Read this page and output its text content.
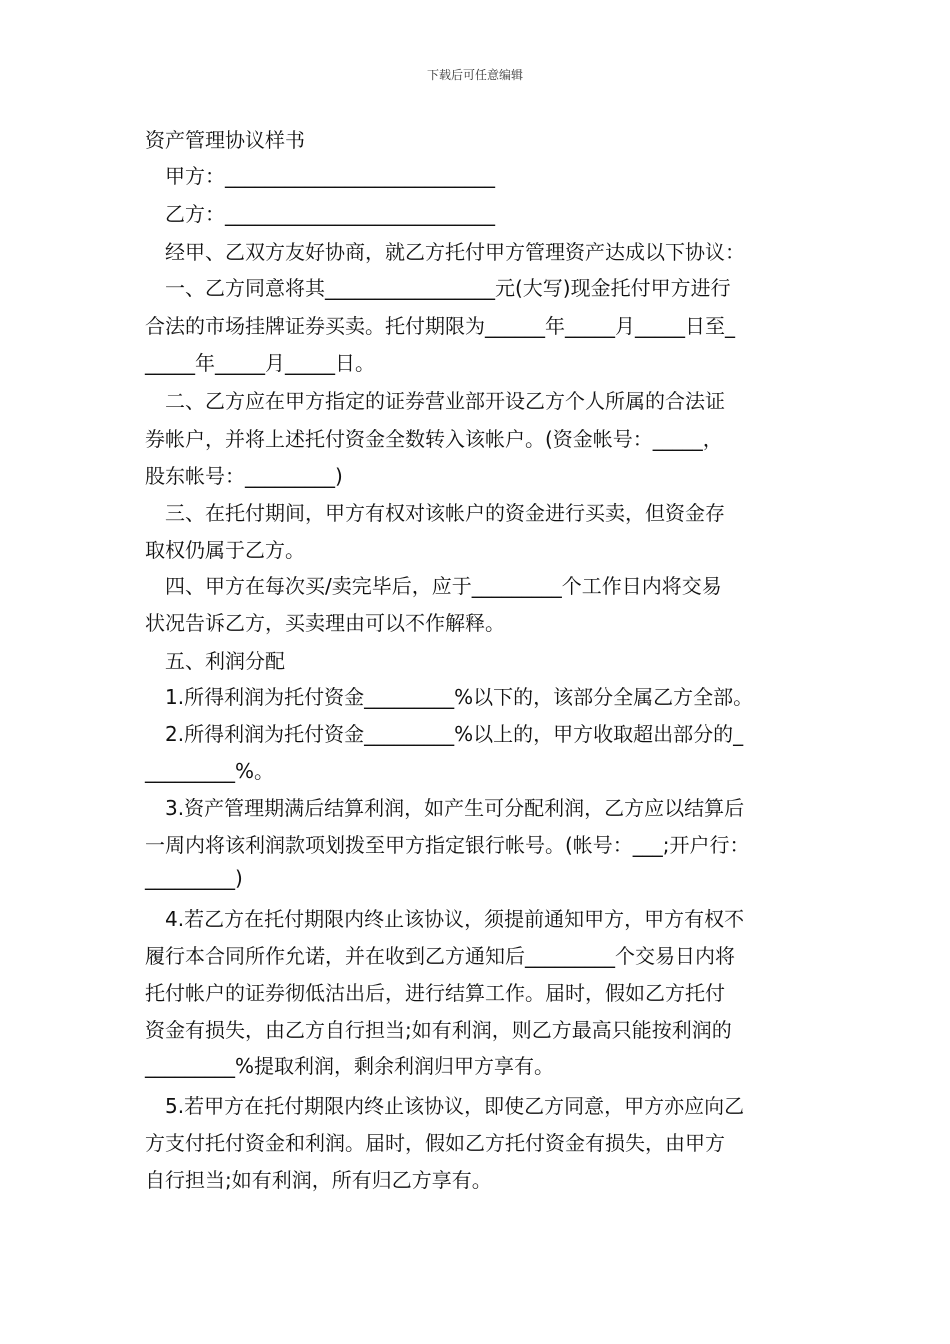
下载后可任意编辑
资产管理协议样书
甲方：___________________________
乙方：___________________________
经甲、乙双方友好协商，就乙方托付甲方管理资产达成以下协议：
一、乙方同意将其_________________元(大写)现金托付甲方进行
合法的市场挂牌证券买卖。托付期限为______年_____月_____日至_
_____年_____月_____日。
二、乙方应在甲方指定的证券营业部开设乙方个人所属的合法证
券帐户，并将上述托付资金全数转入该帐户。(资金帐号：_____，
股东帐号：_________)
三、在托付期间，甲方有权对该帐户的资金进行买卖，但资金存
取权仍属于乙方。
四、甲方在每次买/卖完毕后，应于_________个工作日内将交易
状况告诉乙方，买卖理由可以不作解释。
五、利润分配
1.所得利润为托付资金_________%以下的，该部分全属乙方全部。
2.所得利润为托付资金_________%以上的，甲方收取超出部分的_
_________%。
3.资产管理期满后结算利润，如产生可分配利润，乙方应以结算后
一周内将该利润款项划拨至甲方指定银行帐号。(帐号：___;开户行：
_________)
4.若乙方在托付期限内终止该协议，须提前通知甲方，甲方有权不
履行本合同所作允诺，并在收到乙方通知后_________个交易日内将
托付帐户的证券彻低沽出后，进行结算工作。届时，假如乙方托付
资金有损失，由乙方自行担当;如有利润，则乙方最高只能按利润的
_________%提取利润，剩余利润归甲方享有。
5.若甲方在托付期限内终止该协议，即使乙方同意，甲方亦应向乙
方支付托付资金和利润。届时，假如乙方托付资金有损失，由甲方
自行担当;如有利润，所有归乙方享有。
